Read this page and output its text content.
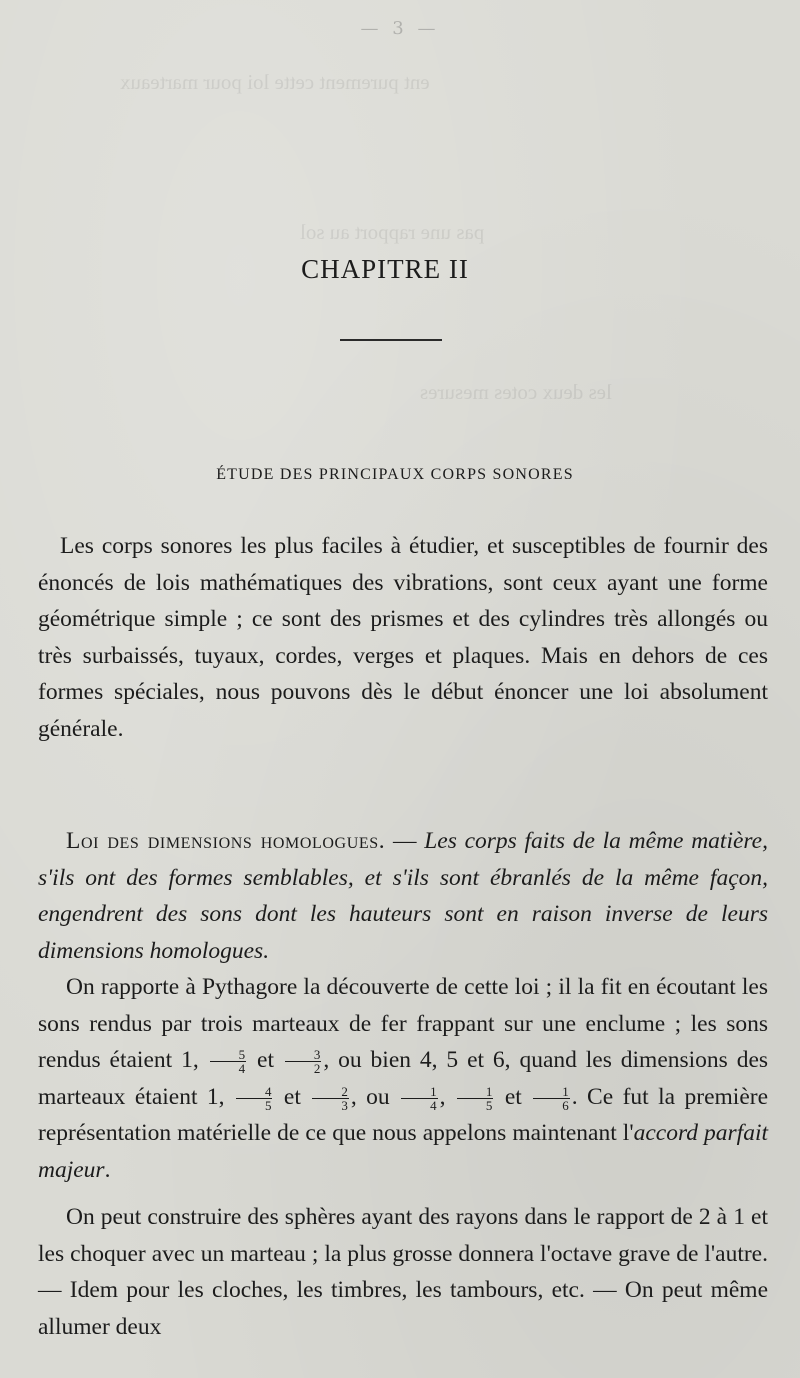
ent purement cette loi pour marteaux
pas une rapport au sol
les deux cotes mesures
— 3 —
CHAPITRE II
ÉTUDE DES PRINCIPAUX CORPS SONORES

Les corps sonores les plus faciles à étudier, et susceptibles de fournir des énoncés de lois mathématiques des vibrations, sont ceux ayant une forme géométrique simple ; ce sont des prismes et des cylindres très allongés ou très surbaissés, tuyaux, cordes, verges et plaques. Mais en dehors de ces formes spéciales, nous pouvons dès le début énoncer une loi absolument générale.

Loi des dimensions homologues. — Les corps faits de la même matière, s'ils ont des formes semblables, et s'ils sont ébranlés de la même façon, engendrent des sons dont les hauteurs sont en raison inverse de leurs dimensions homologues.

On rapporte à Pythagore la découverte de cette loi ; il la fit en écoutant les sons rendus par trois marteaux de fer frappant sur une enclume ; les sons rendus étaient 1, $\frac{5}{4}$ et $\frac{3}{2}$ , ou bien 4, 5 et 6, quand les dimensions des marteaux étaient 1, $\frac{4}{5}$ et $\frac{2}{3}$ , ou $\frac{1}{4}$ , $\frac{1}{5}$ et $\frac{1}{6}$ . Ce fut la première représentation matérielle de ce que nous appelons maintenant l'accord parfait majeur.

On peut construire des sphères ayant des rayons dans le rapport de 2 à 1 et les choquer avec un marteau ; la plus grosse donnera l'octave grave de l'autre. — Idem pour les cloches, les timbres, les tambours, etc. — On peut même allumer deux
